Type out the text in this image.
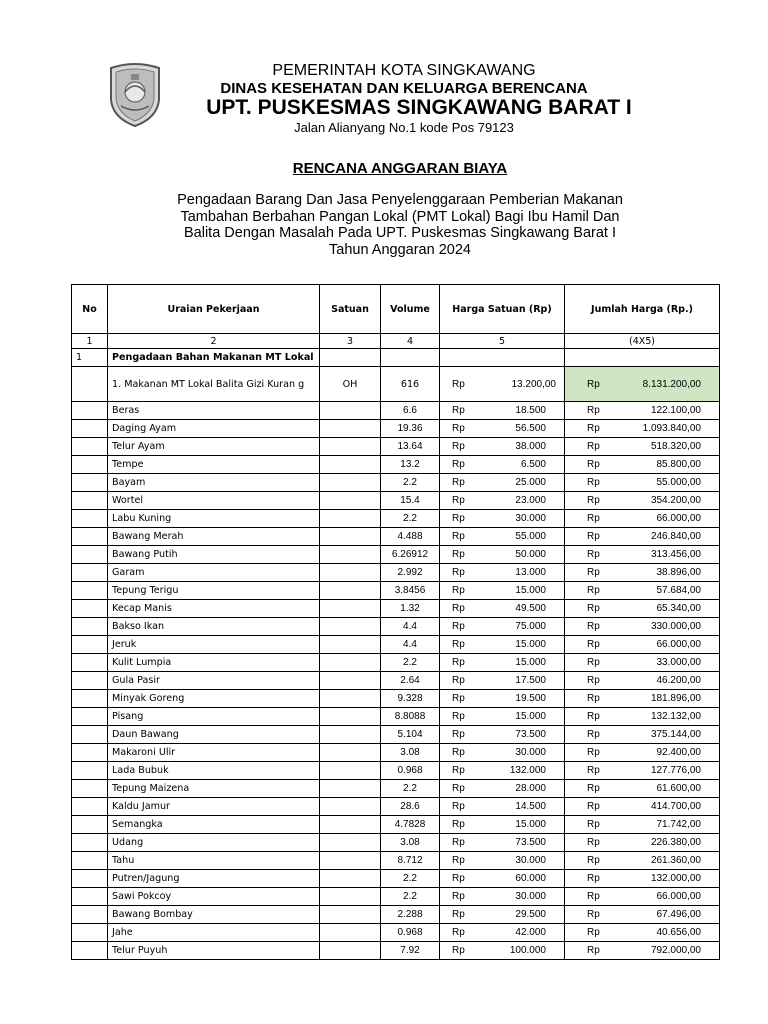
PEMERINTAH KOTA SINGKAWANG
DINAS KESEHATAN DAN KELUARGA BERENCANA
UPT. PUSKESMAS SINGKAWANG BARAT I
Jalan Alianyang No.1 kode Pos 79123
RENCANA ANGGARAN BIAYA
Pengadaan Barang Dan Jasa Penyelenggaraan Pemberian Makanan
Tambahan Berbahan Pangan Lokal (PMT Lokal) Bagi Ibu Hamil Dan
Balita Dengan Masalah Pada UPT. Puskesmas Singkawang Barat I
Tahun Anggaran 2024
No	Uraian Pekerjaan	Satuan	Volume	Harga Satuan (Rp)	Jumlah Harga (Rp.)
1	2	3	4	5	(4X5)
1	Pengadaan Bahan Makanan MT Lokal				
	1. Makanan MT Lokal Balita Gizi Kuran g	OH	616	Rp 13.200,00	Rp 8.131.200,00

	Beras		6.6	Rp 18.500	Rp 122.100,00

	Daging Ayam		19.36	Rp 56.500	Rp 1.093.840,00

	Telur Ayam		13.64	Rp 38.000	Rp 518.320,00

	Tempe		13.2	Rp 6.500	Rp 85.800,00

	Bayam		2.2	Rp 25.000	Rp 55.000,00

	Wortel		15.4	Rp 23.000	Rp 354.200,00

	Labu Kuning		2.2	Rp 30.000	Rp 66.000,00

	Bawang Merah		4.488	Rp 55.000	Rp 246.840,00

	Bawang Putih		6.26912	Rp 50.000	Rp 313.456,00

	Garam		2.992	Rp 13.000	Rp 38.896,00

	Tepung Terigu		3.8456	Rp 15.000	Rp 57.684,00

	Kecap Manis		1.32	Rp 49.500	Rp 65.340,00

	Bakso Ikan		4.4	Rp 75.000	Rp 330.000,00

	Jeruk		4.4	Rp 15.000	Rp 66.000,00

	Kulit Lumpia		2.2	Rp 15.000	Rp 33.000,00

	Gula Pasir		2.64	Rp 17.500	Rp 46.200,00

	Minyak Goreng		9.328	Rp 19.500	Rp 181.896,00

	Pisang		8.8088	Rp 15.000	Rp 132.132,00

	Daun Bawang		5.104	Rp 73.500	Rp 375.144,00

	Makaroni Ulir		3.08	Rp 30.000	Rp 92.400,00

	Lada Bubuk		0.968	Rp 132.000	Rp 127.776,00

	Tepung Maizena		2.2	Rp 28.000	Rp 61.600,00

	Kaldu Jamur		28.6	Rp 14.500	Rp 414.700,00

	Semangka		4.7828	Rp 15.000	Rp 71.742,00

	Udang		3.08	Rp 73.500	Rp 226.380,00

	Tahu		8.712	Rp 30.000	Rp 261.360,00

	Putren/Jagung		2.2	Rp 60.000	Rp 132.000,00

	Sawi Pokcoy		2.2	Rp 30.000	Rp 66.000,00

	Bawang Bombay		2.288	Rp 29.500	Rp 67.496,00

	Jahe		0.968	Rp 42.000	Rp 40.656,00

	Telur Puyuh		7.92	Rp 100.000	Rp 792.000,00
